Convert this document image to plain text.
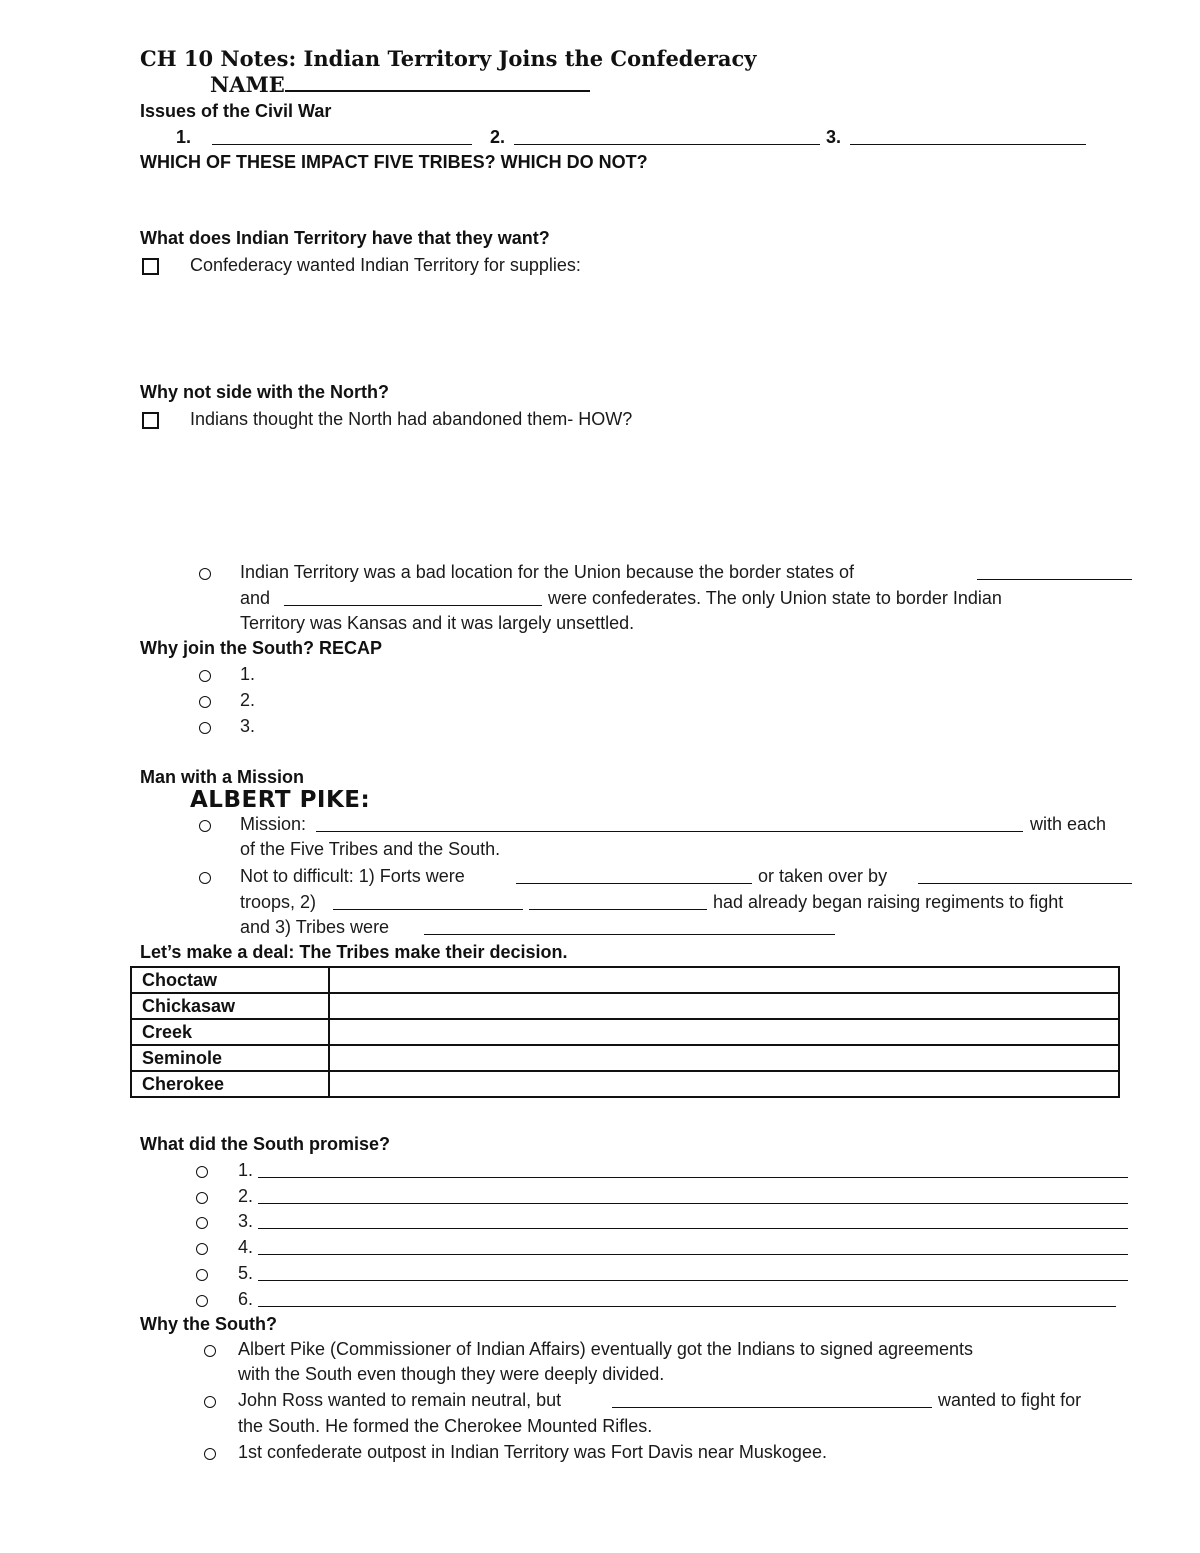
CH 10 Notes: Indian Territory Joins the Confederacy
NAME
Issues of the Civil War
1.	2.	3.
WHICH OF THESE IMPACT FIVE TRIBES? WHICH DO NOT?
What does Indian Territory have that they want?
Confederacy wanted Indian Territory for supplies:
Why not side with the North?
Indians thought the North had abandoned them- HOW?
Indian Territory was a bad location for the Union because the border states of
and	were confederates. The only Union state to border Indian
Territory was Kansas and it was largely unsettled.
Why join the South? RECAP
1.
2.
3.
Man with a Mission
ALBERT PIKE:
Mission:	with each
of the Five Tribes and the South.
Not to difficult: 1) Forts were	or taken over by
troops, 2)	had already began raising regiments to fight
and 3) Tribes were
Let’s make a deal: The Tribes make their decision.
Choctaw	
Chickasaw	
Creek	
Seminole	
Cherokee	
What did the South promise?
1.
2.
3.
4.
5.
6.
Why the South?
Albert Pike (Commissioner of Indian Affairs) eventually got the Indians to signed agreements
with the South even though they were deeply divided.
John Ross wanted to remain neutral, but	wanted to fight for
the South. He formed the Cherokee Mounted Rifles.
1st confederate outpost in Indian Territory was Fort Davis near Muskogee.
